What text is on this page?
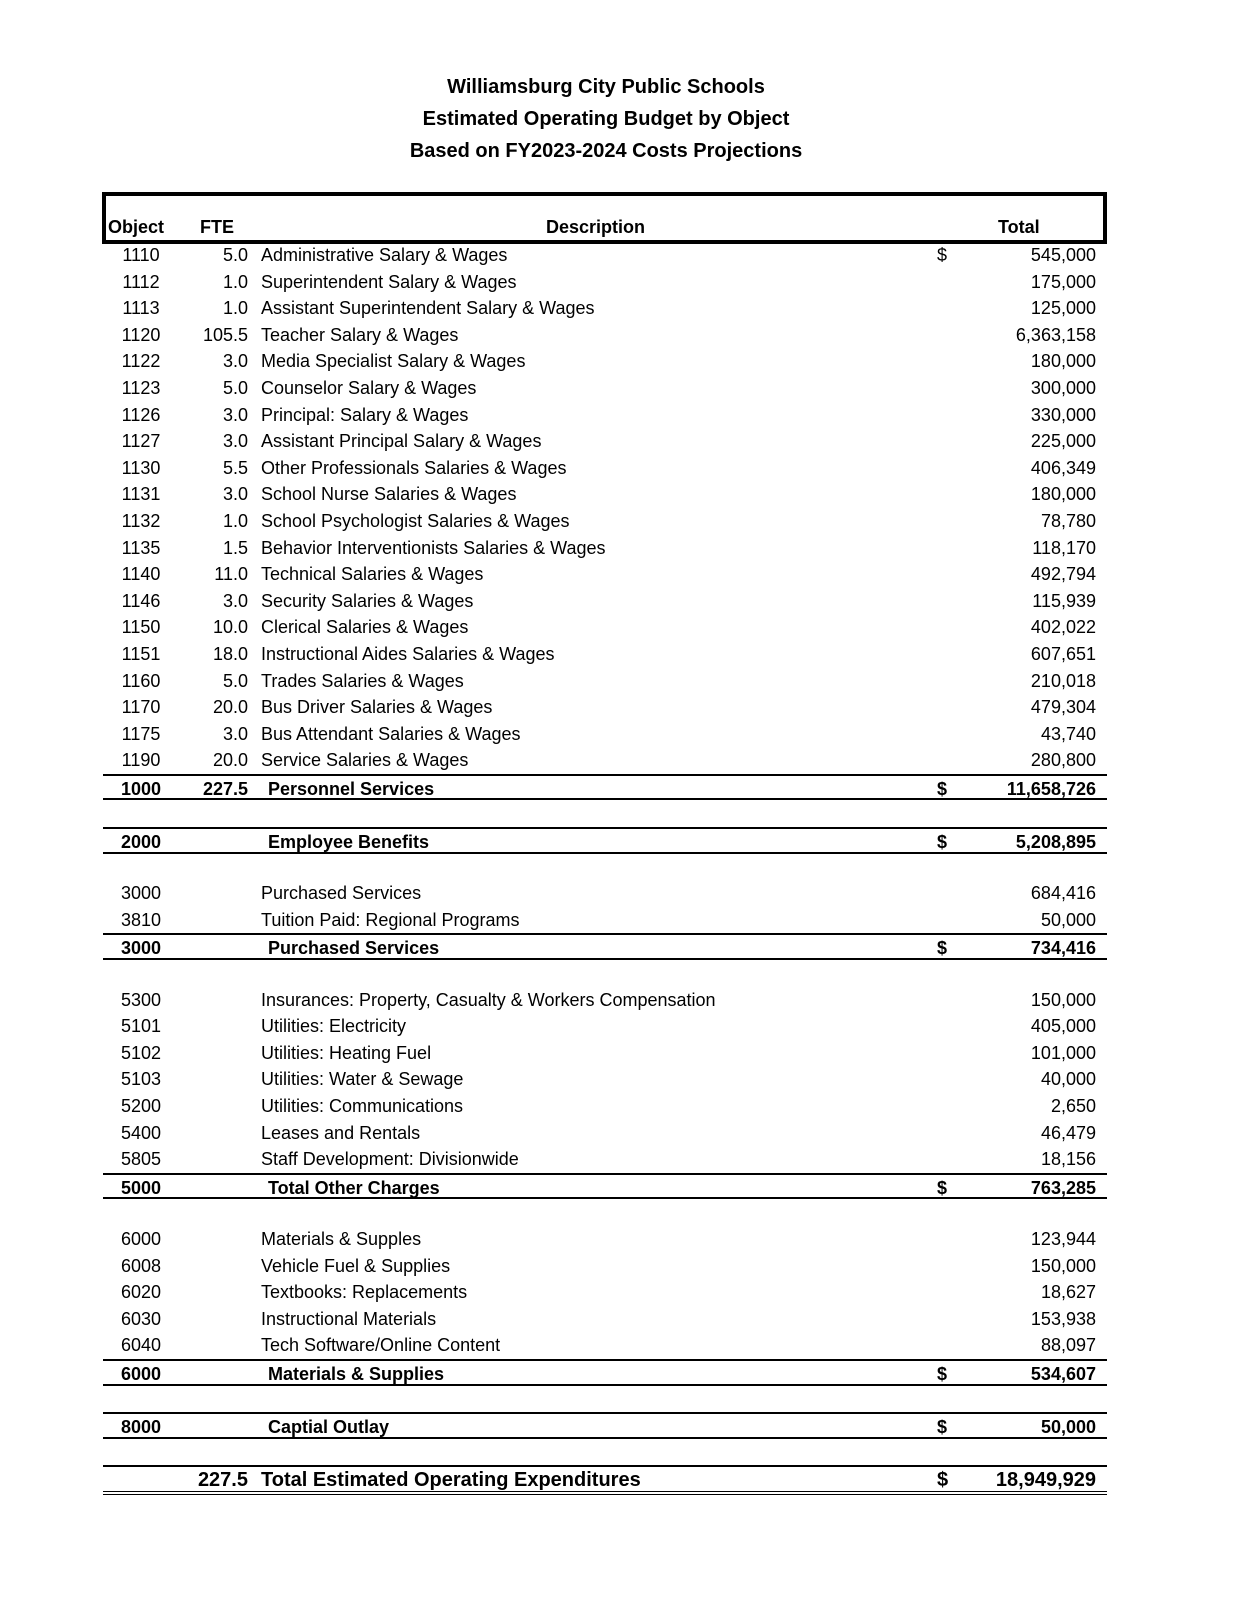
Williamsburg City Public Schools
Estimated Operating Budget by Object
Based on FY2023-2024 Costs Projections
Object FTE	Description	Total
1110	5.0 Administrative Salary & Wages	$	545,000
1112	1.0 Superintendent Salary & Wages	175,000
1113	1.0 Assistant Superintendent Salary & Wages	125,000
1120	105.5 Teacher Salary & Wages	6,363,158
1122	3.0 Media Specialist Salary & Wages	180,000
1123	5.0 Counselor Salary & Wages	300,000
1126	3.0 Principal: Salary & Wages	330,000
1127	3.0 Assistant Principal Salary & Wages	225,000
1130	5.5 Other Professionals Salaries & Wages	406,349
1131	3.0 School Nurse Salaries & Wages	180,000
1132	1.0 School Psychologist Salaries & Wages	78,780
1135	1.5 Behavior Interventionists Salaries & Wages	118,170
1140	11.0 Technical Salaries & Wages	492,794
1146	3.0 Security Salaries & Wages	115,939
1150	10.0 Clerical Salaries & Wages	402,022
1151	18.0 Instructional Aides Salaries & Wages	607,651
1160	5.0 Trades Salaries & Wages	210,018
1170	20.0 Bus Driver Salaries & Wages	479,304
1175	3.0 Bus Attendant Salaries & Wages	43,740
1190	20.0 Service Salaries & Wages	280,800
1000	227.5 Personnel Services	$	11,658,726
2000	Employee Benefits	$	5,208,895
3000	Purchased Services	684,416
3810	Tuition Paid: Regional Programs	50,000
3000	Purchased Services	$	734,416
5300	Insurances: Property, Casualty & Workers Compensation	150,000
5101	Utilities: Electricity	405,000
5102	Utilities: Heating Fuel	101,000
5103	Utilities: Water & Sewage	40,000
5200	Utilities: Communications	2,650
5400	Leases and Rentals	46,479
5805	Staff Development: Divisionwide	18,156
5000	Total Other Charges	$	763,285
6000	Materials & Supples	123,944
6008	Vehicle Fuel & Supplies	150,000
6020	Textbooks: Replacements	18,627
6030	Instructional Materials	153,938
6040	Tech Software/Online Content	88,097
6000	Materials & Supplies	$	534,607
8000	Captial Outlay	$	50,000
227.5 Total Estimated Operating Expenditures	$ 18,949,929
